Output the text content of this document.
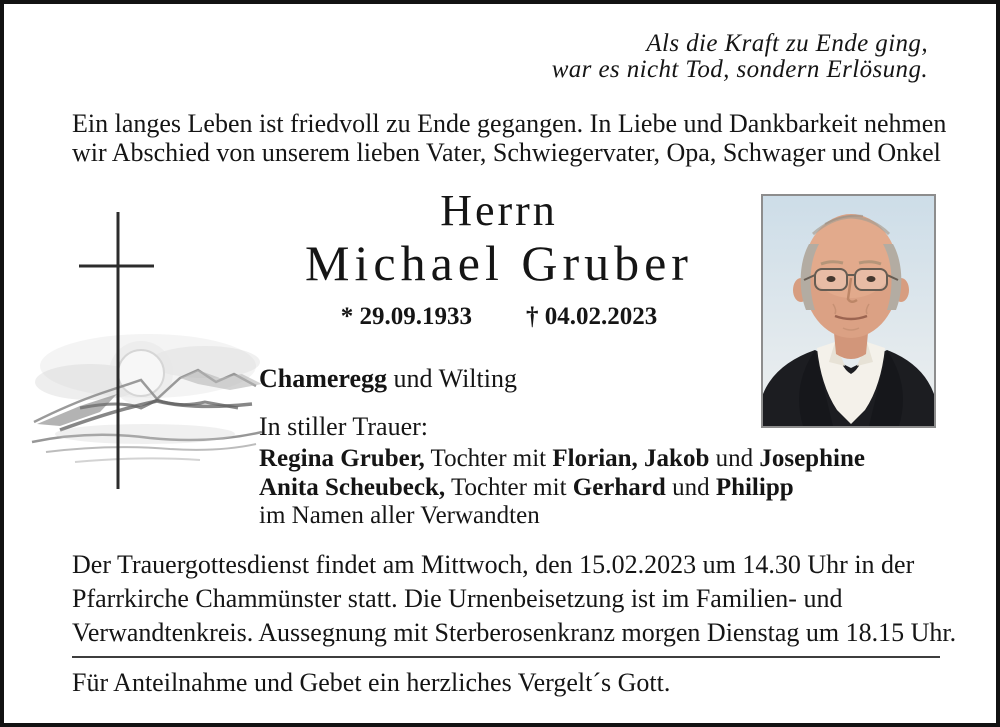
Als die Kraft zu Ende ging,
war es nicht Tod, sondern Erlösung.
Ein langes Leben ist friedvoll zu Ende gegangen. In Liebe und Dankbarkeit nehmen
wir Abschied von unserem lieben Vater, Schwiegervater, Opa, Schwager und Onkel
Herrn
Michael Gruber
* 29.09.1933 † 04.02.2023
Chameregg und Wilting
In stiller Trauer:
Regina Gruber, Tochter mit Florian, Jakob und Josephine
Anita Scheubeck, Tochter mit Gerhard und Philipp
im Namen aller Verwandten
Der Trauergottesdienst findet am Mittwoch, den 15.02.2023 um 14.30 Uhr in der
Pfarrkirche Chammünster statt. Die Urnenbeisetzung ist im Familien- und
Verwandtenkreis. Aussegnung mit Sterberosenkranz morgen Dienstag um 18.15 Uhr.
Für Anteilnahme und Gebet ein herzliches Vergelt´s Gott.
